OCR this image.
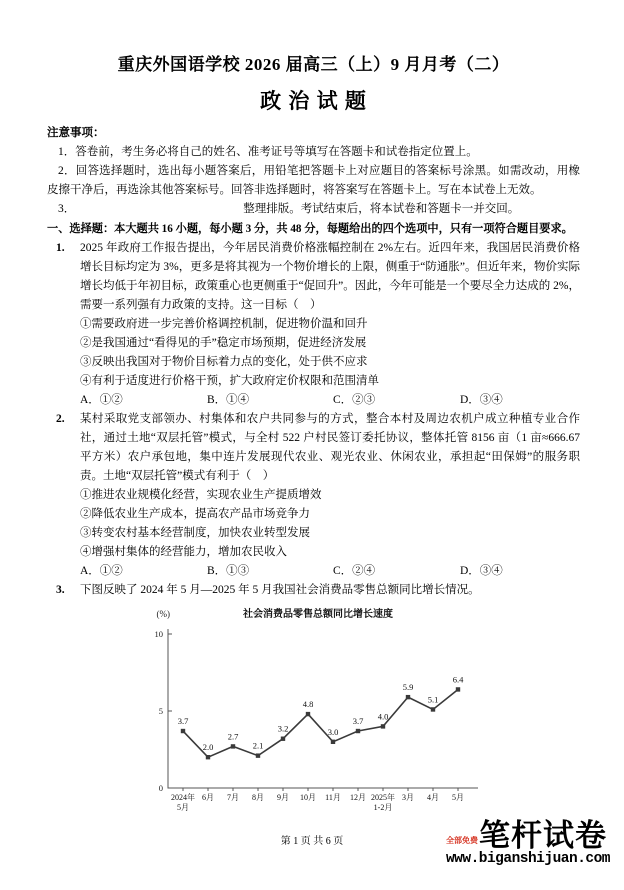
重庆外国语学校 2026 届高三（上）9 月月考（二）
政 治 试 题

注意事项：

1．答卷前，考生务必将自己的姓名、准考证号等填写在答题卡和试卷指定位置上。

2．回答选择题时，选出每小题答案后，用铅笔把答题卡上对应题目的答案标号涂黑。如需改动，用橡皮擦干净后，再选涂其他答案标号。回答非选择题时，将答案写在答题卡上。写在本试卷上无效。

3．	整理排版。考试结束后，将本试卷和答题卡一并交回。

一、选择题：本大题共 16 小题，每小题 3 分，共 48 分，每题给出的四个选项中，只有一项符合题目要求。

1.	2025 年政府工作报告提出，今年居民消费价格涨幅控制在 2%左右。近四年来，我国居民消费价格增长目标均定为 3%，更多是将其视为一个物价增长的上限，侧重于“防通胀”。但近年来，物价实际增长均低于年初目标，政策重心也更侧重于“促回升”。因此，今年可能是一个要尽全力达成的 2%，需要一系列强有力政策的支持。这一目标（　）
①需要政府进一步完善价格调控机制，促进物价温和回升
②是我国通过“看得见的手”稳定市场预期，促进经济发展
③反映出我国对于物价目标着力点的变化，处于供不应求
④有利于适度进行价格干预，扩大政府定价权限和范围清单
A．①②	B．①④	C．②③	D．③④
2.	某村采取党支部领办、村集体和农户共同参与的方式，整合本村及周边农机户成立种植专业合作社，通过土地“双层托管”模式，与全村 522 户村民签订委托协议，整体托管 8156 亩（1 亩≈666.67 平方米）农户承包地，集中连片发展现代农业、观光农业、休闲农业，承担起“田保姆”的服务职责。土地“双层托管”模式有利于（　）
①推进农业规模化经营，实现农业生产提质增效
②降低农业生产成本，提高农产品市场竞争力
③转变农村基本经营制度，加快农业转型发展
④增强村集体的经营能力，增加农民收入
A．①②	B．①③	C．②④	D．③④
3.	下图反映了 2024 年 5 月—2025 年 5 月我国社会消费品零售总额同比增长情况。
(%)	社会消费品零售总额同比增长速度
0
5
10
3.7
2024年
5月
2.0
6月
2.7
7月
2.1
8月
3.2
9月
4.8
10月
3.0
11月
3.7
12月
4.0
2025年
1-2月
5.9
3月
5.1
4月
6.4
5月
第 1 页 共 6 页	全部免费 笔杆试卷
www.biganshijuan.com
